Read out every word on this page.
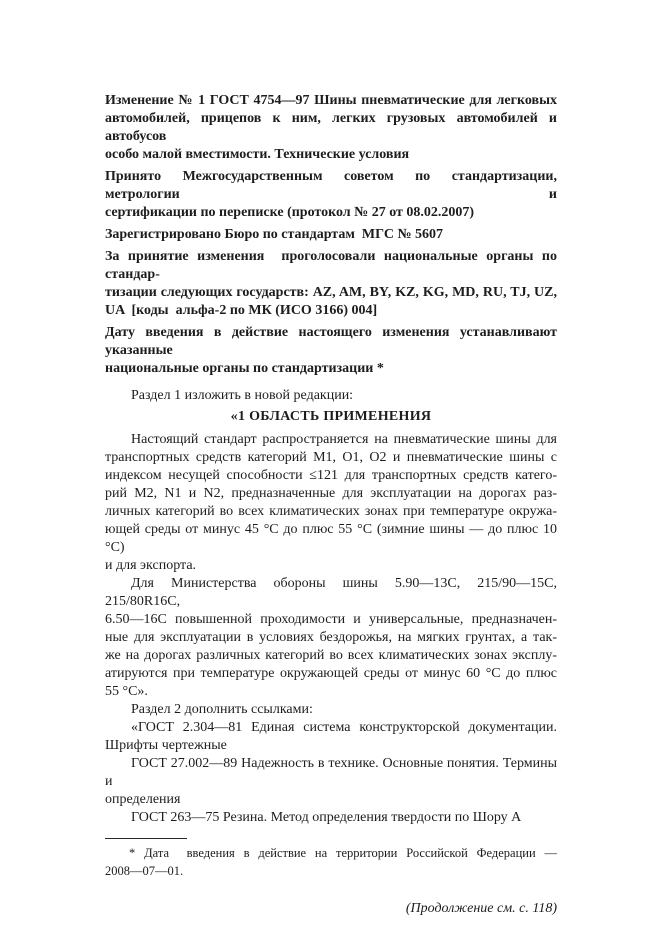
Изменение № 1 ГОСТ 4754—97 Шины пневматические для легковых
автомобилей, прицепов к ним, легких грузовых автомобилей и автобусов
особо малой вместимости. Технические условия
Принято Межгосударственным советом по стандартизации, метрологии и
сертификации по переписке (протокол № 27 от 08.02.2007)
Зарегистрировано Бюро по стандартам  МГС № 5607
За принятие изменения  проголосовали национальные органы по стандар-
тизации следующих государств: AZ, AM, BY, KZ, KG, MD, RU, TJ, UZ,
UA  [коды  альфа-2 по МК (ИСО 3166) 004]
Дату введения в действие настоящего изменения устанавливают указанные
национальные органы по стандартизации *
Раздел 1 изложить в новой редакции:
«1 ОБЛАСТЬ ПРИМЕНЕНИЯ
Настоящий стандарт распространяется на пневматические шины для
транспортных средств категорий М1, О1, О2 и пневматические шины с
индексом несущей способности ≤121 для транспортных средств катего-
рий М2, N1 и N2, предназначенные для эксплуатации на дорогах раз-
личных категорий во всех климатических зонах при температуре окружа-
ющей среды от минус 45 °С до плюс 55 °С (зимние шины — до плюс 10 °С)
и для экспорта.
Для Министерства обороны шины 5.90—13С, 215/90—15С, 215/80R16С,
6.50—16С повышенной проходимости и универсальные, предназначен-
ные для эксплуатации в условиях бездорожья, на мягких грунтах, а так-
же на дорогах различных категорий во всех климатических зонах эксплу-
атируются при температуре окружающей среды от минус 60 °С до плюс
55 °С».
Раздел 2 дополнить ссылками:
«ГОСТ 2.304—81 Единая система конструкторской документации.
Шрифты чертежные
ГОСТ 27.002—89 Надежность в технике. Основные понятия. Термины и
определения
ГОСТ 263—75 Резина. Метод определения твердости по Шору А
* Дата  введения в действие на территории Российской Федерации —
2008—07—01.
(Продолжение см. с. 118)
